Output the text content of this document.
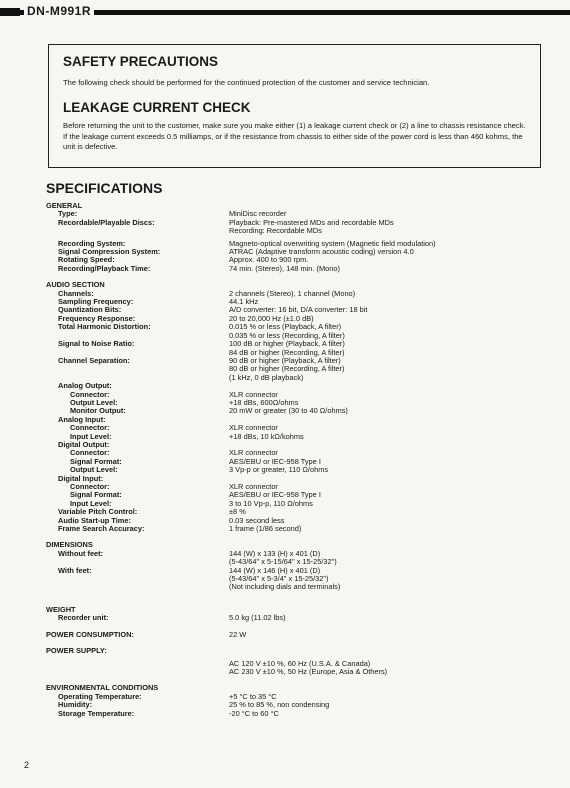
DN-M991R
SAFETY PRECAUTIONS
The following check should be performed for the continued protection of the customer and service technician.
LEAKAGE CURRENT CHECK
Before returning the unit to the customer, make sure you make either (1) a leakage current check or (2) a line to chassis resistance check. If the leakage current exceeds 0.5 milliamps, or if the resistance from chassis to either side of the power cord is less than 460 kohms, the unit is defective.
SPECIFICATIONS
GENERAL
Type:	MiniDisc recorder
Recordable/Playable Discs:	Playback: Pre-mastered MDs and recordable MDs
Recording: Recordable MDs
Recording System:	Magneto-optical overwriting system (Magnetic field modulation)
Signal Compression System:	ATRAC (Adaptive transform acoustic coding) version 4.0
Rotating Speed:	Approx. 400 to 900 rpm.
Recording/Playback Time:	74 min. (Stereo), 148 min. (Mono)
AUDIO SECTION
Channels:	2 channels (Stereo), 1 channel (Mono)
Sampling Frequency:	44.1 kHz
Quantization Bits:	A/D converter: 16 bit, D/A converter: 18 bit
Frequency Response:	20 to 20,000 Hz (±1.0 dB)
Total Harmonic Distortion:	0.015 % or less (Playback, A filter)
0.035 % or less (Recording, A filter)
Signal to Noise Ratio:	100 dB or higher (Playback, A filter)
84 dB or higher (Recording, A filter)
Channel Separation:	90 dB or higher (Playback, A filter)
80 dB or higher (Recording, A filter)
(1 kHz, 0 dB playback)
Analog Output:
Connector:	XLR connector
Output Level:	+18 dBs, 600Ω/ohms
Monitor Output:	20 mW or greater (30 to 40 Ω/ohms)
Analog Input:
Connector:	XLR connector
Input Level:	+18 dBs, 10 kΩ/kohms
Digital Output:
Connector:	XLR connector
Signal Format:	AES/EBU or IEC-958 Type I
Output Level:	3 Vp-p or greater, 110 Ω/ohms
Digital Input:
Connector:	XLR connector
Signal Format:	AES/EBU or IEC-958 Type I
Input Level:	3 to 10 Vp-p, 110 Ω/ohms
Variable Pitch Control:	±8 %
Audio Start-up Time:	0.03 second less
Frame Search Accuracy:	1 frame (1/86 second)
DIMENSIONS
Without feet:	144 (W) x 133 (H) x 401 (D)
(5-43/64" x 5-15/64" x 15-25/32")
With feet:	144 (W) x 146 (H) x 401 (D)
(5-43/64" x 5-3/4" x 15-25/32")
(Not including dials and terminals)
WEIGHT
Recorder unit:	5.0 kg (11.02 lbs)
POWER CONSUMPTION:	22 W
POWER SUPPLY:
AC 120 V ±10 %, 60 Hz (U.S.A. & Canada)
AC 230 V ±10 %, 50 Hz (Europe, Asia & Others)
ENVIRONMENTAL CONDITIONS
Operating Temperature:	+5 °C to 35 °C
Humidity:	25 % to 85 %, non condensing
Storage Temperature:	-20 °C to 60 °C
2
